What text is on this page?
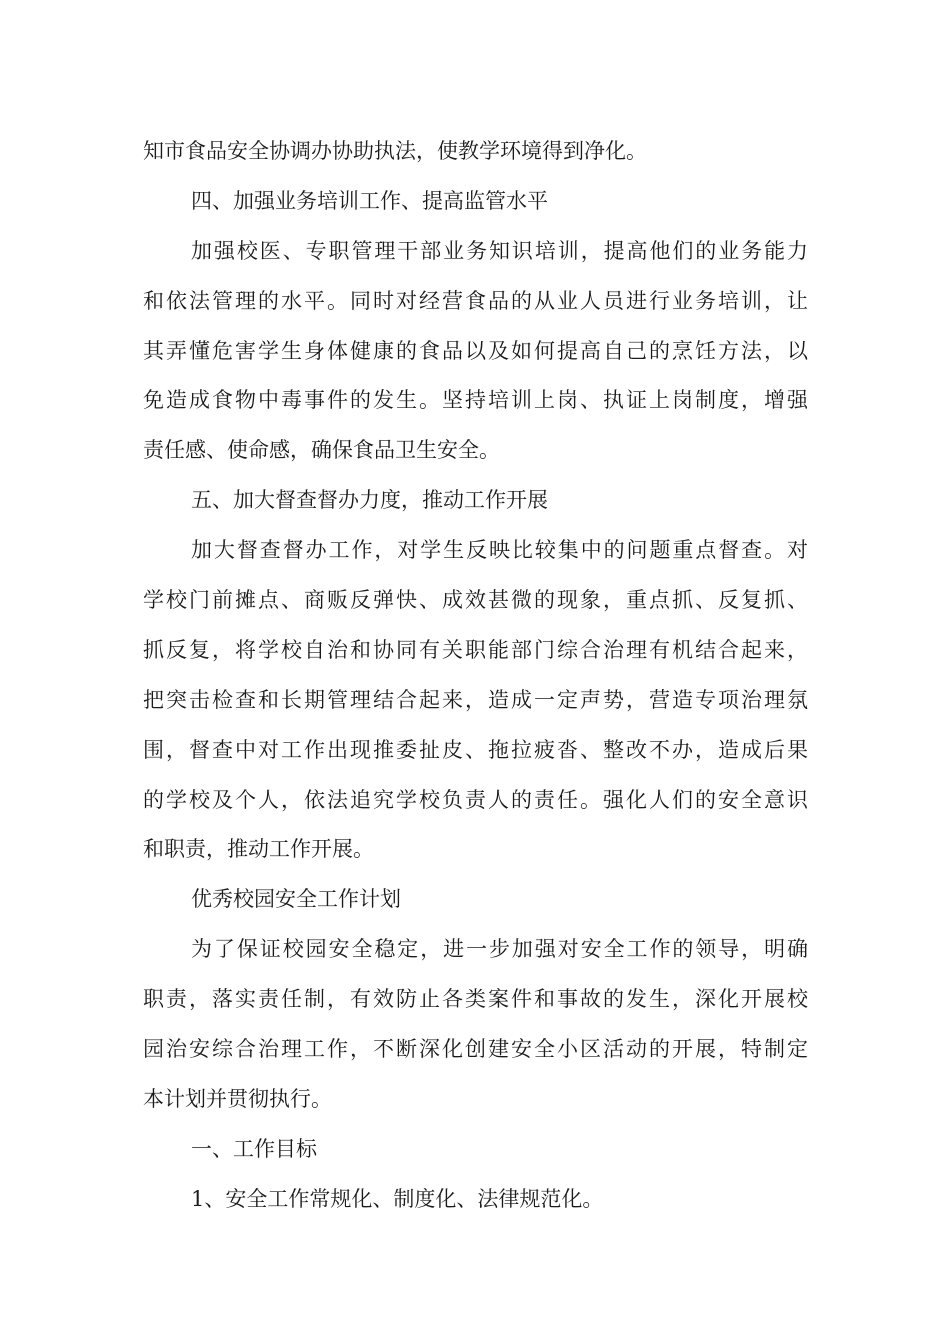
知市食品安全协调办协助执法，使教学环境得到净化。
四、加强业务培训工作、提高监管水平
加强校医、专职管理干部业务知识培训，提高他们的业务能力
和依法管理的水平。同时对经营食品的从业人员进行业务培训，让
其弄懂危害学生身体健康的食品以及如何提高自己的烹饪方法，以
免造成食物中毒事件的发生。坚持培训上岗、执证上岗制度，增强
责任感、使命感，确保食品卫生安全。
五、加大督查督办力度，推动工作开展
加大督查督办工作，对学生反映比较集中的问题重点督查。对
学校门前摊点、商贩反弹快、成效甚微的现象，重点抓、反复抓、
抓反复，将学校自治和协同有关职能部门综合治理有机结合起来，
把突击检查和长期管理结合起来，造成一定声势，营造专项治理氛
围，督查中对工作出现推委扯皮、拖拉疲沓、整改不办，造成后果
的学校及个人，依法追究学校负责人的责任。强化人们的安全意识
和职责，推动工作开展。
优秀校园安全工作计划
为了保证校园安全稳定，进一步加强对安全工作的领导，明确
职责，落实责任制，有效防止各类案件和事故的发生，深化开展校
园治安综合治理工作，不断深化创建安全小区活动的开展，特制定
本计划并贯彻执行。
一、工作目标
1、安全工作常规化、制度化、法律规范化。
